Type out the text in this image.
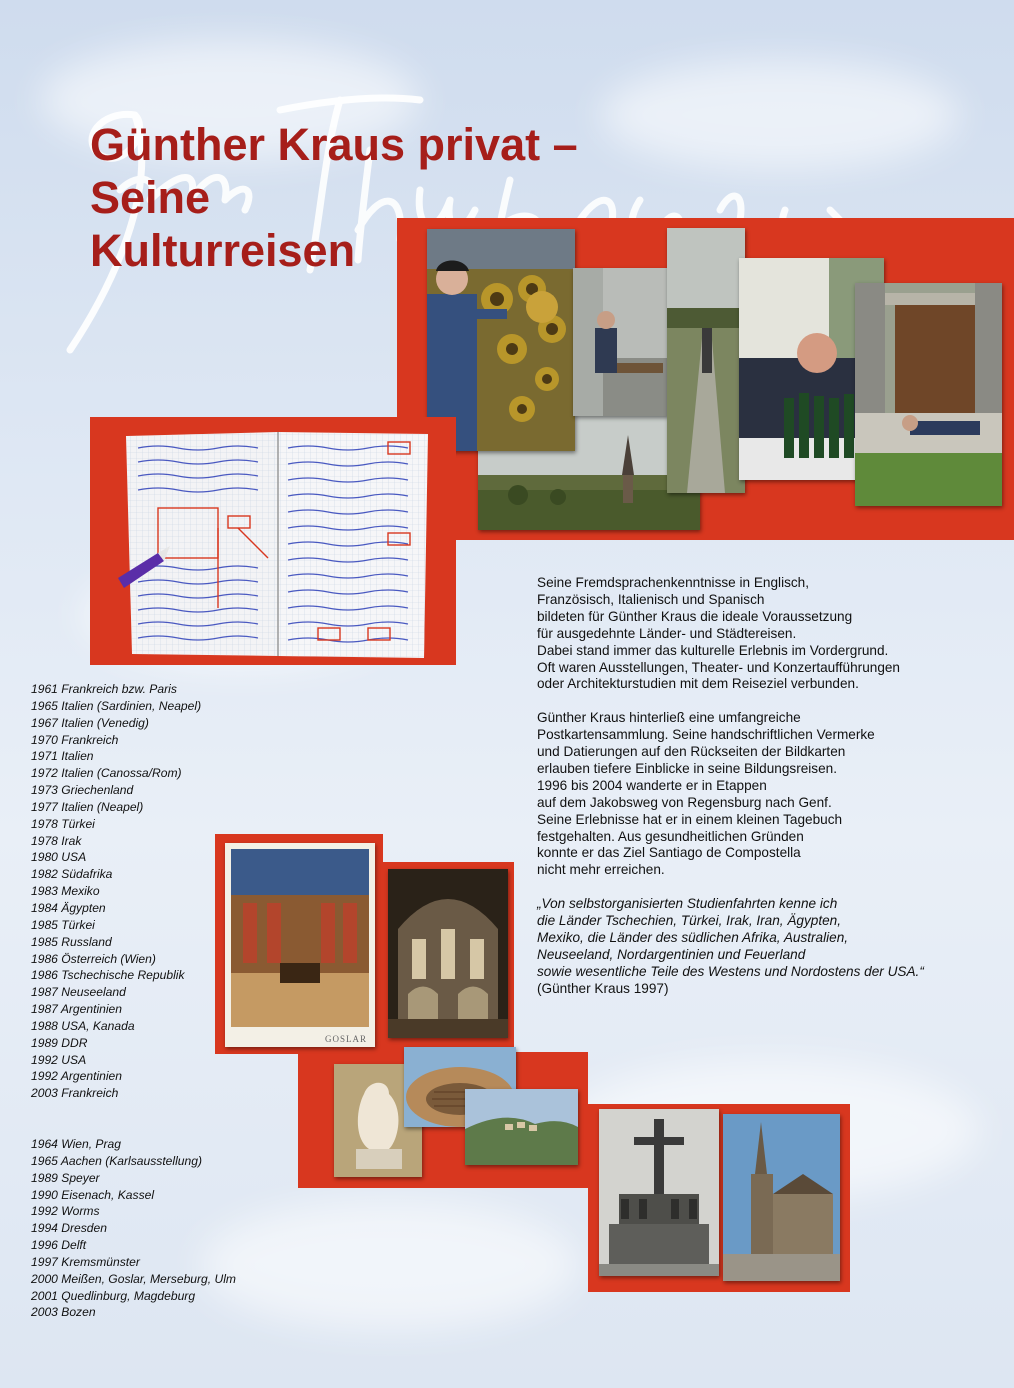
Günther Kraus privat –
Seine
Kulturreisen

Seine Fremdsprachenkenntnisse in Englisch,
Französisch, Italienisch und Spanisch
bildeten für Günther Kraus die ideale Voraussetzung
für ausgedehnte Länder- und Städtereisen.
Dabei stand immer das kulturelle Erlebnis im Vordergrund.
Oft waren Ausstellungen, Theater- und Konzertaufführungen
oder Architekturstudien mit dem Reiseziel verbunden.

Günther Kraus hinterließ eine umfangreiche
Postkartensammlung. Seine handschriftlichen Vermerke
und Datierungen auf den Rückseiten der Bildkarten
erlauben tiefere Einblicke in seine Bildungsreisen.
1996 bis 2004 wanderte er in Etappen
auf dem Jakobsweg von Regensburg nach Genf.
Seine Erlebnisse hat er in einem kleinen Tagebuch
festgehalten. Aus gesundheitlichen Gründen
konnte er das Ziel Santiago de Compostella
nicht mehr erreichen.

„Von selbstorganisierten Studienfahrten kenne ich
die Länder Tschechien, Türkei, Irak, Iran, Ägypten,
Mexiko, die Länder des südlichen Afrika, Australien,
Neuseeland, Nordargentinien und Feuerland
sowie wesentliche Teile des Westens und Nordostens der USA.“
(Günther Kraus 1997)

1961 Frankreich bzw. Paris
1965 Italien (Sardinien, Neapel)
1967 Italien (Venedig)
1970 Frankreich
1971 Italien
1972 Italien (Canossa/Rom)
1973 Griechenland
1977 Italien (Neapel)
1978 Türkei
1978 Irak
1980 USA
1982 Südafrika
1983 Mexiko
1984 Ägypten
1985 Türkei
1985 Russland
1986 Österreich (Wien)
1986 Tschechische Republik
1987 Neuseeland
1987 Argentinien
1988 USA, Kanada
1989 DDR
1992 USA
1992 Argentinien
2003 Frankreich
1964 Wien, Prag
1965 Aachen (Karlsausstellung)
1989 Speyer
1990 Eisenach, Kassel
1992 Worms
1994 Dresden
1996 Delft
1997 Kremsmünster
2000 Meißen, Goslar, Merseburg, Ulm
2001 Quedlinburg, Magdeburg
2003 Bozen
GOSLAR
